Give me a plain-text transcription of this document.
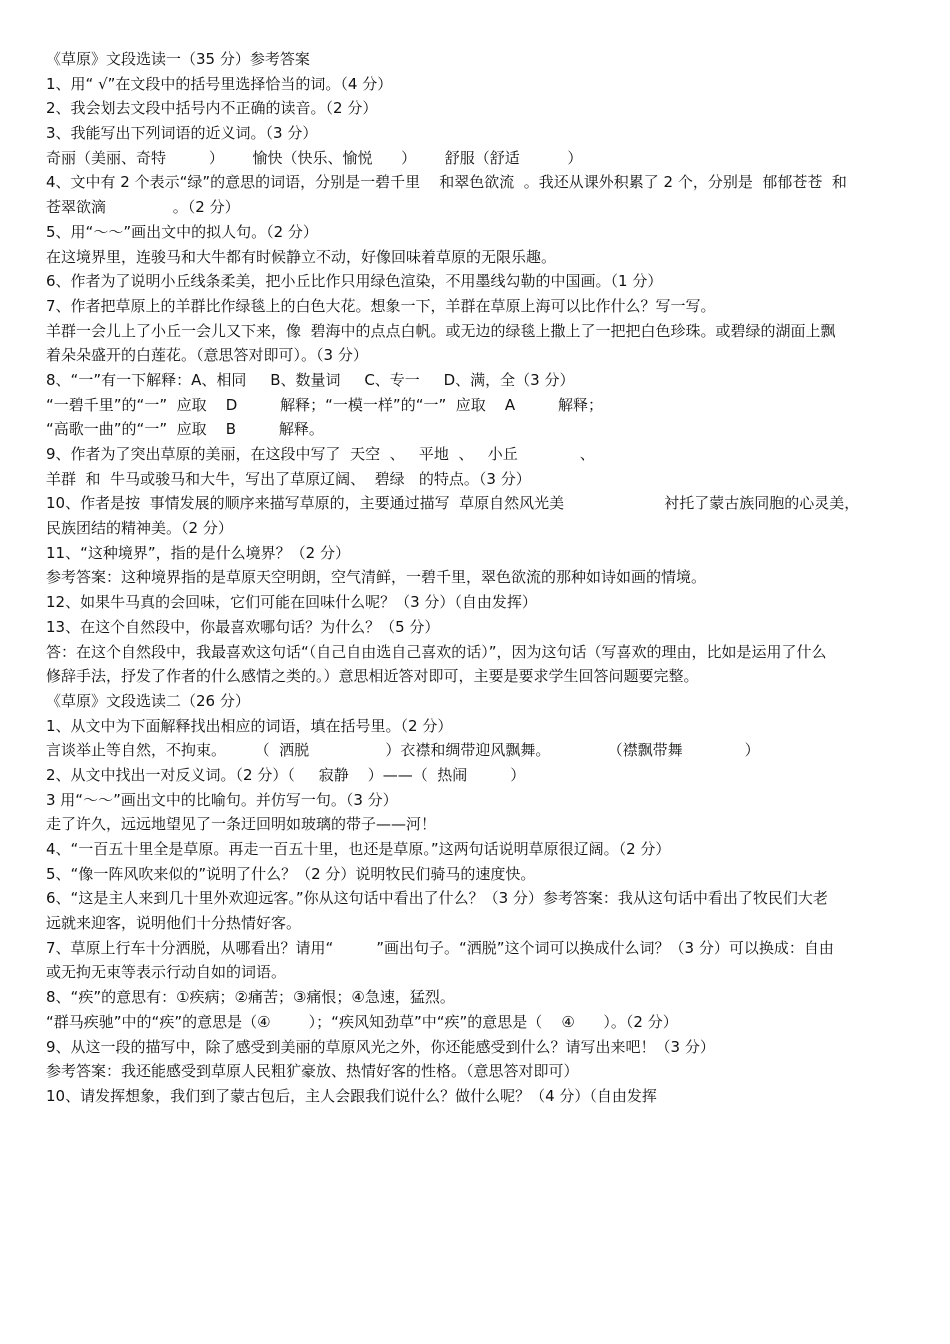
《草原》文段选读一（35 分）参考答案
1、用“ √”在文段中的括号里选择恰当的词。（4 分）
2、我会划去文段中括号内不正确的读音。（2 分）
3、我能写出下列词语的近义词。（3 分）
奇丽（美丽、奇特         ）      愉快（快乐、愉悦      ）      舒服（舒适          ）
4、文中有 2 个表示“绿”的意思的词语，分别是一碧千里    和翠色欲流  。我还从课外积累了 2 个，分别是  郁郁苍苍  和
苍翠欲滴              。（2 分）
5、用“～～”画出文中的拟人句。（2 分）
在这境界里，连骏马和大牛都有时候静立不动，好像回味着草原的无限乐趣。
6、作者为了说明小丘线条柔美，把小丘比作只用绿色渲染，不用墨线勾勒的中国画。（1 分）
7、作者把草原上的羊群比作绿毯上的白色大花。想象一下，羊群在草原上海可以比作什么？写一写。
羊群一会儿上了小丘一会儿又下来，像  碧海中的点点白帆。或无边的绿毯上撒上了一把把白色珍珠。或碧绿的湖面上飘
着朵朵盛开的白莲花。（意思答对即可）。（3 分）
8、“一”有一下解释：A、相同     B、数量词     C、专一     D、满，全（3 分）
“一碧千里”的“一”  应取    D         解释；“一模一样”的“一”  应取    A         解释；
“高歌一曲”的“一”  应取    B         解释。
9、作者为了突出草原的美丽，在这段中写了  天空  、   平地  、   小丘             、
羊群  和  牛马或骏马和大牛，写出了草原辽阔、  碧绿   的特点。（3 分）
10、作者是按  事情发展的顺序来描写草原的，主要通过描写  草原自然风光美                     衬托了蒙古族同胞的心灵美，
民族团结的精神美。（2 分）
11、“这种境界”，指的是什么境界？（2 分）
参考答案：这种境界指的是草原天空明朗，空气清鲜，一碧千里，翠色欲流的那种如诗如画的情境。
12、如果牛马真的会回味，它们可能在回味什么呢？（3 分）（自由发挥）
13、在这个自然段中，你最喜欢哪句话？为什么？（5 分）
答：在这个自然段中，我最喜欢这句话“（自己自由选自己喜欢的话）”，因为这句话（写喜欢的理由，比如是运用了什么
修辞手法，抒发了作者的什么感情之类的。）意思相近答对即可，主要是要求学生回答问题要完整。
《草原》文段选读二（26 分）
1、从文中为下面解释找出相应的词语，填在括号里。（2 分）
言谈举止等自然，不拘束。      （  洒脱                ）衣襟和绸带迎风飘舞。            （襟飘带舞             ）
2、从文中找出一对反义词。（2 分）（     寂静    ）——（  热闹         ）
3 用“～～”画出文中的比喻句。并仿写一句。（3 分）
走了许久，远远地望见了一条迂回明如玻璃的带子——河！
4、“一百五十里全是草原。再走一百五十里，也还是草原。”这两句话说明草原很辽阔。（2 分）
5、“像一阵风吹来似的”说明了什么？（2 分）说明牧民们骑马的速度快。
6、“这是主人来到几十里外欢迎远客。”你从这句话中看出了什么？（3 分）参考答案：我从这句话中看出了牧民们大老
远就来迎客，说明他们十分热情好客。
7、草原上行车十分洒脱，从哪看出？请用“         ”画出句子。“洒脱”这个词可以换成什么词？（3 分）可以换成：自由
或无拘无束等表示行动自如的词语。
8、“疾”的意思有：①疾病；②痛苦；③痛恨；④急速，猛烈。
“群马疾驰”中的“疾”的意思是（④        ）；“疾风知劲草”中“疾”的意思是（    ④      ）。（2 分）
9、从这一段的描写中，除了感受到美丽的草原风光之外，你还能感受到什么？请写出来吧！（3 分）
参考答案：我还能感受到草原人民粗犷豪放、热情好客的性格。（意思答对即可）
10、请发挥想象，我们到了蒙古包后，主人会跟我们说什么？做什么呢？（4 分）（自由发挥
